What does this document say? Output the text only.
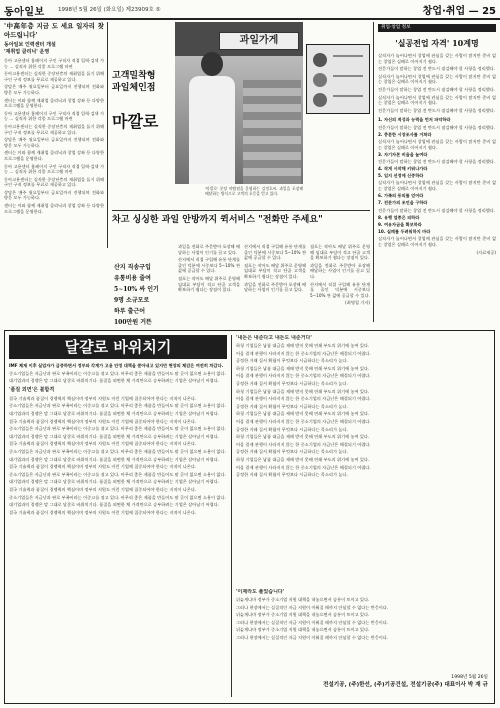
동아일보 1998년 5월 26일 (화요일) 제23909호 ⑤	창업·취업 — 25
'中高年층 지금 도 세요 일자리 찾아드립니다'
동아일보 인력센터 개설
'재취업 클리닉' 운영

동아 고용센터 홈페이지 구인 구직자 직접 입력·검색 가능 ... 실직자 위한 각종 프로그램 마련

동아고용센터는 실직한 중장년층의 재취업을 돕기 위해 구인 구직 정보를 무료로 제공하고 있다.

상담은 매주 월요일부터 금요일까지 진행되며 전화와 방문 모두 가능하다.

센터는 이와 함께 재취업 클리닉과 창업 강좌 등 다양한 프로그램을 운영한다.

동아 고용센터 홈페이지 구인 구직자 직접 입력·검색 가능 ... 실직자 위한 각종 프로그램 마련

동아고용센터는 실직한 중장년층의 재취업을 돕기 위해 구인 구직 정보를 무료로 제공하고 있다.

상담은 매주 월요일부터 금요일까지 진행되며 전화와 방문 모두 가능하다.

센터는 이와 함께 재취업 클리닉과 창업 강좌 등 다양한 프로그램을 운영한다.

동아 고용센터 홈페이지 구인 구직자 직접 입력·검색 가능 ... 실직자 위한 각종 프로그램 마련

동아고용센터는 실직한 중장년층의 재취업을 돕기 위해 구인 구직 정보를 무료로 제공하고 있다.

상담은 매주 월요일부터 금요일까지 진행되며 전화와 방문 모두 가능하다.

센터는 이와 함께 재취업 클리닉과 창업 강좌 등 다양한 프로그램을 운영한다.

고객밀착형
과일체인점
마깔로
과일가게
'마깔로' 분당 야탑점을 운영하는 김정호씨. 과일을 포장해 배달하는 방식으로 고객의 호응을 얻고 있다.
취업·창업 정보
'실공전업 자격' 10계명

실직자가 늘어나면서 창업에 관심을 갖는 사람이 많지만 준비 없는 창업은 실패로 이어지기 쉽다.

전문가들이 말하는 창업 전 반드시 점검해야 할 사항을 정리했다.

실직자가 늘어나면서 창업에 관심을 갖는 사람이 많지만 준비 없는 창업은 실패로 이어지기 쉽다.

전문가들이 말하는 창업 전 반드시 점검해야 할 사항을 정리했다.

실직자가 늘어나면서 창업에 관심을 갖는 사람이 많지만 준비 없는 창업은 실패로 이어지기 쉽다.

전문가들이 말하는 창업 전 반드시 점검해야 할 사항을 정리했다.

1. 자신의 적성과 능력을 먼저 파악하라

전문가들이 말하는 창업 전 반드시 점검해야 할 사항을 정리했다.

2. 충분한 시장조사를 거쳐라

실직자가 늘어나면서 창업에 관심을 갖는 사람이 많지만 준비 없는 창업은 실패로 이어지기 쉽다.

3. 자기자본 비율을 높여라

전문가들이 말하는 창업 전 반드시 점검해야 할 사항을 정리했다.

4. 작게 시작해 키워나가라

5. 입지 선정에 신중하라

실직자가 늘어나면서 창업에 관심을 갖는 사람이 많지만 준비 없는 창업은 실패로 이어지기 쉽다.

6. 가족의 동의를 얻어라

7. 전문가의 조언을 구하라

전문가들이 말하는 창업 전 반드시 점검해야 할 사항을 정리했다.

8. 유행 업종은 피하라

9. 여유자금을 확보하라

10. 실패를 두려워하지 마라

실직자가 늘어나면서 창업에 관심을 갖는 사람이 많지만 준비 없는 창업은 실패로 이어지기 쉽다.

(자료제공)
차고 싱싱한 과일 안방까지 퀵서비스 "전화만 주세요"
산지 직송구입
유통비용 줄여
5∼10% 싸 인기
9명 소규모로
하루 출근어
100만원 거뜬

과일을 전화로 주문받아 포장해 배달하는 사업이 인기를 끌고 있다.

산지에서 직접 구입해 유통 단계를 줄인 덕분에 시중보다 5∼10% 싼 값에 공급할 수 있다.

점포는 작아도 배달 위주로 운영해 임대료 부담이 적고 단골 고객을 확보하기 쉽다는 장점이 있다.

산지에서 직접 구입해 유통 단계를 줄인 덕분에 시중보다 5∼10% 싼 값에 공급할 수 있다.

점포는 작아도 배달 위주로 운영해 임대료 부담이 적고 단골 고객을 확보하기 쉽다는 장점이 있다.

과일을 전화로 주문받아 포장해 배달하는 사업이 인기를 끌고 있다.

점포는 작아도 배달 위주로 운영해 임대료 부담이 적고 단골 고객을 확보하기 쉽다는 장점이 있다.

과일을 전화로 주문받아 포장해 배달하는 사업이 인기를 끌고 있다.

산지에서 직접 구입해 유통 단계를 줄인 덕분에 시중보다 5∼10% 싼 값에 공급할 수 있다.

(최명철 기자)
달걀로 바위치기

IMF 체제 이후 실업자가 급증하면서 정부와 각계가 고용 안정 대책을 쏟아내고 있지만 현장의 체감은 여전히 차갑다.

중소기업들은 자금난과 판로 부족이라는 이중고를 겪고 있다. 아무리 좋은 제품을 만들어도 팔 곳이 없으면 소용이 없다.

대기업과의 경쟁은 말 그대로 달걀로 바위치기다. 품질을 외면한 채 가격만으로 승부하려는 기업은 살아남기 어렵다.

'품질 외면'은 불합격

결국 기술력과 품질이 경쟁력의 핵심이며 정부의 지원도 이런 기업에 집중되어야 한다는 지적이 나온다.

중소기업들은 자금난과 판로 부족이라는 이중고를 겪고 있다. 아무리 좋은 제품을 만들어도 팔 곳이 없으면 소용이 없다.

대기업과의 경쟁은 말 그대로 달걀로 바위치기다. 품질을 외면한 채 가격만으로 승부하려는 기업은 살아남기 어렵다.

결국 기술력과 품질이 경쟁력의 핵심이며 정부의 지원도 이런 기업에 집중되어야 한다는 지적이 나온다.

중소기업들은 자금난과 판로 부족이라는 이중고를 겪고 있다. 아무리 좋은 제품을 만들어도 팔 곳이 없으면 소용이 없다.

대기업과의 경쟁은 말 그대로 달걀로 바위치기다. 품질을 외면한 채 가격만으로 승부하려는 기업은 살아남기 어렵다.

결국 기술력과 품질이 경쟁력의 핵심이며 정부의 지원도 이런 기업에 집중되어야 한다는 지적이 나온다.

중소기업들은 자금난과 판로 부족이라는 이중고를 겪고 있다. 아무리 좋은 제품을 만들어도 팔 곳이 없으면 소용이 없다.

대기업과의 경쟁은 말 그대로 달걀로 바위치기다. 품질을 외면한 채 가격만으로 승부하려는 기업은 살아남기 어렵다.

결국 기술력과 품질이 경쟁력의 핵심이며 정부의 지원도 이런 기업에 집중되어야 한다는 지적이 나온다.

중소기업들은 자금난과 판로 부족이라는 이중고를 겪고 있다. 아무리 좋은 제품을 만들어도 팔 곳이 없으면 소용이 없다.

대기업과의 경쟁은 말 그대로 달걀로 바위치기다. 품질을 외면한 채 가격만으로 승부하려는 기업은 살아남기 어렵다.

결국 기술력과 품질이 경쟁력의 핵심이며 정부의 지원도 이런 기업에 집중되어야 한다는 지적이 나온다.

중소기업들은 자금난과 판로 부족이라는 이중고를 겪고 있다. 아무리 좋은 제품을 만들어도 팔 곳이 없으면 소용이 없다.

대기업과의 경쟁은 말 그대로 달걀로 바위치기다. 품질을 외면한 채 가격만으로 승부하려는 기업은 살아남기 어렵다.

결국 기술력과 품질이 경쟁력의 핵심이며 정부의 지원도 이런 기업에 집중되어야 한다는 지적이 나온다.

'내돈은 내준다고 내돈도 내준거다'

하청 기업들은 납품 대금을 제때 받지 못해 연쇄 부도의 위기에 놓여 있다.

어음 결제 관행이 사라지지 않는 한 중소기업의 자금난은 해결되기 어렵다.

공정한 거래 질서 확립이 무엇보다 시급하다는 목소리가 높다.

하청 기업들은 납품 대금을 제때 받지 못해 연쇄 부도의 위기에 놓여 있다.

어음 결제 관행이 사라지지 않는 한 중소기업의 자금난은 해결되기 어렵다.

공정한 거래 질서 확립이 무엇보다 시급하다는 목소리가 높다.

하청 기업들은 납품 대금을 제때 받지 못해 연쇄 부도의 위기에 놓여 있다.

어음 결제 관행이 사라지지 않는 한 중소기업의 자금난은 해결되기 어렵다.

공정한 거래 질서 확립이 무엇보다 시급하다는 목소리가 높다.

하청 기업들은 납품 대금을 제때 받지 못해 연쇄 부도의 위기에 놓여 있다.

어음 결제 관행이 사라지지 않는 한 중소기업의 자금난은 해결되기 어렵다.

공정한 거래 질서 확립이 무엇보다 시급하다는 목소리가 높다.

하청 기업들은 납품 대금을 제때 받지 못해 연쇄 부도의 위기에 놓여 있다.

어음 결제 관행이 사라지지 않는 한 중소기업의 자금난은 해결되기 어렵다.

공정한 거래 질서 확립이 무엇보다 시급하다는 목소리가 높다.

하청 기업들은 납품 대금을 제때 받지 못해 연쇄 부도의 위기에 놓여 있다.

어음 결제 관행이 사라지지 않는 한 중소기업의 자금난은 해결되기 어렵다.

공정한 거래 질서 확립이 무엇보다 시급하다는 목소리가 높다.

'이제라도 풀었습니다'

뒤늦게나마 정부가 중소기업 지원 대책을 내놓으면서 숨통이 트이고 있다.

그러나 현장에서는 실질적인 자금 지원이 이뤄질 때까지 안심할 수 없다는 반응이다.

뒤늦게나마 정부가 중소기업 지원 대책을 내놓으면서 숨통이 트이고 있다.

그러나 현장에서는 실질적인 자금 지원이 이뤄질 때까지 안심할 수 없다는 반응이다.

뒤늦게나마 정부가 중소기업 지원 대책을 내놓으면서 숨통이 트이고 있다.

그러나 현장에서는 실질적인 자금 지원이 이뤄질 때까지 안심할 수 없다는 반응이다.

1998년 5월 26일
전설기공, (주)한선, (주)기공건설, 전설기공(주) 대표이사 박 재 규
